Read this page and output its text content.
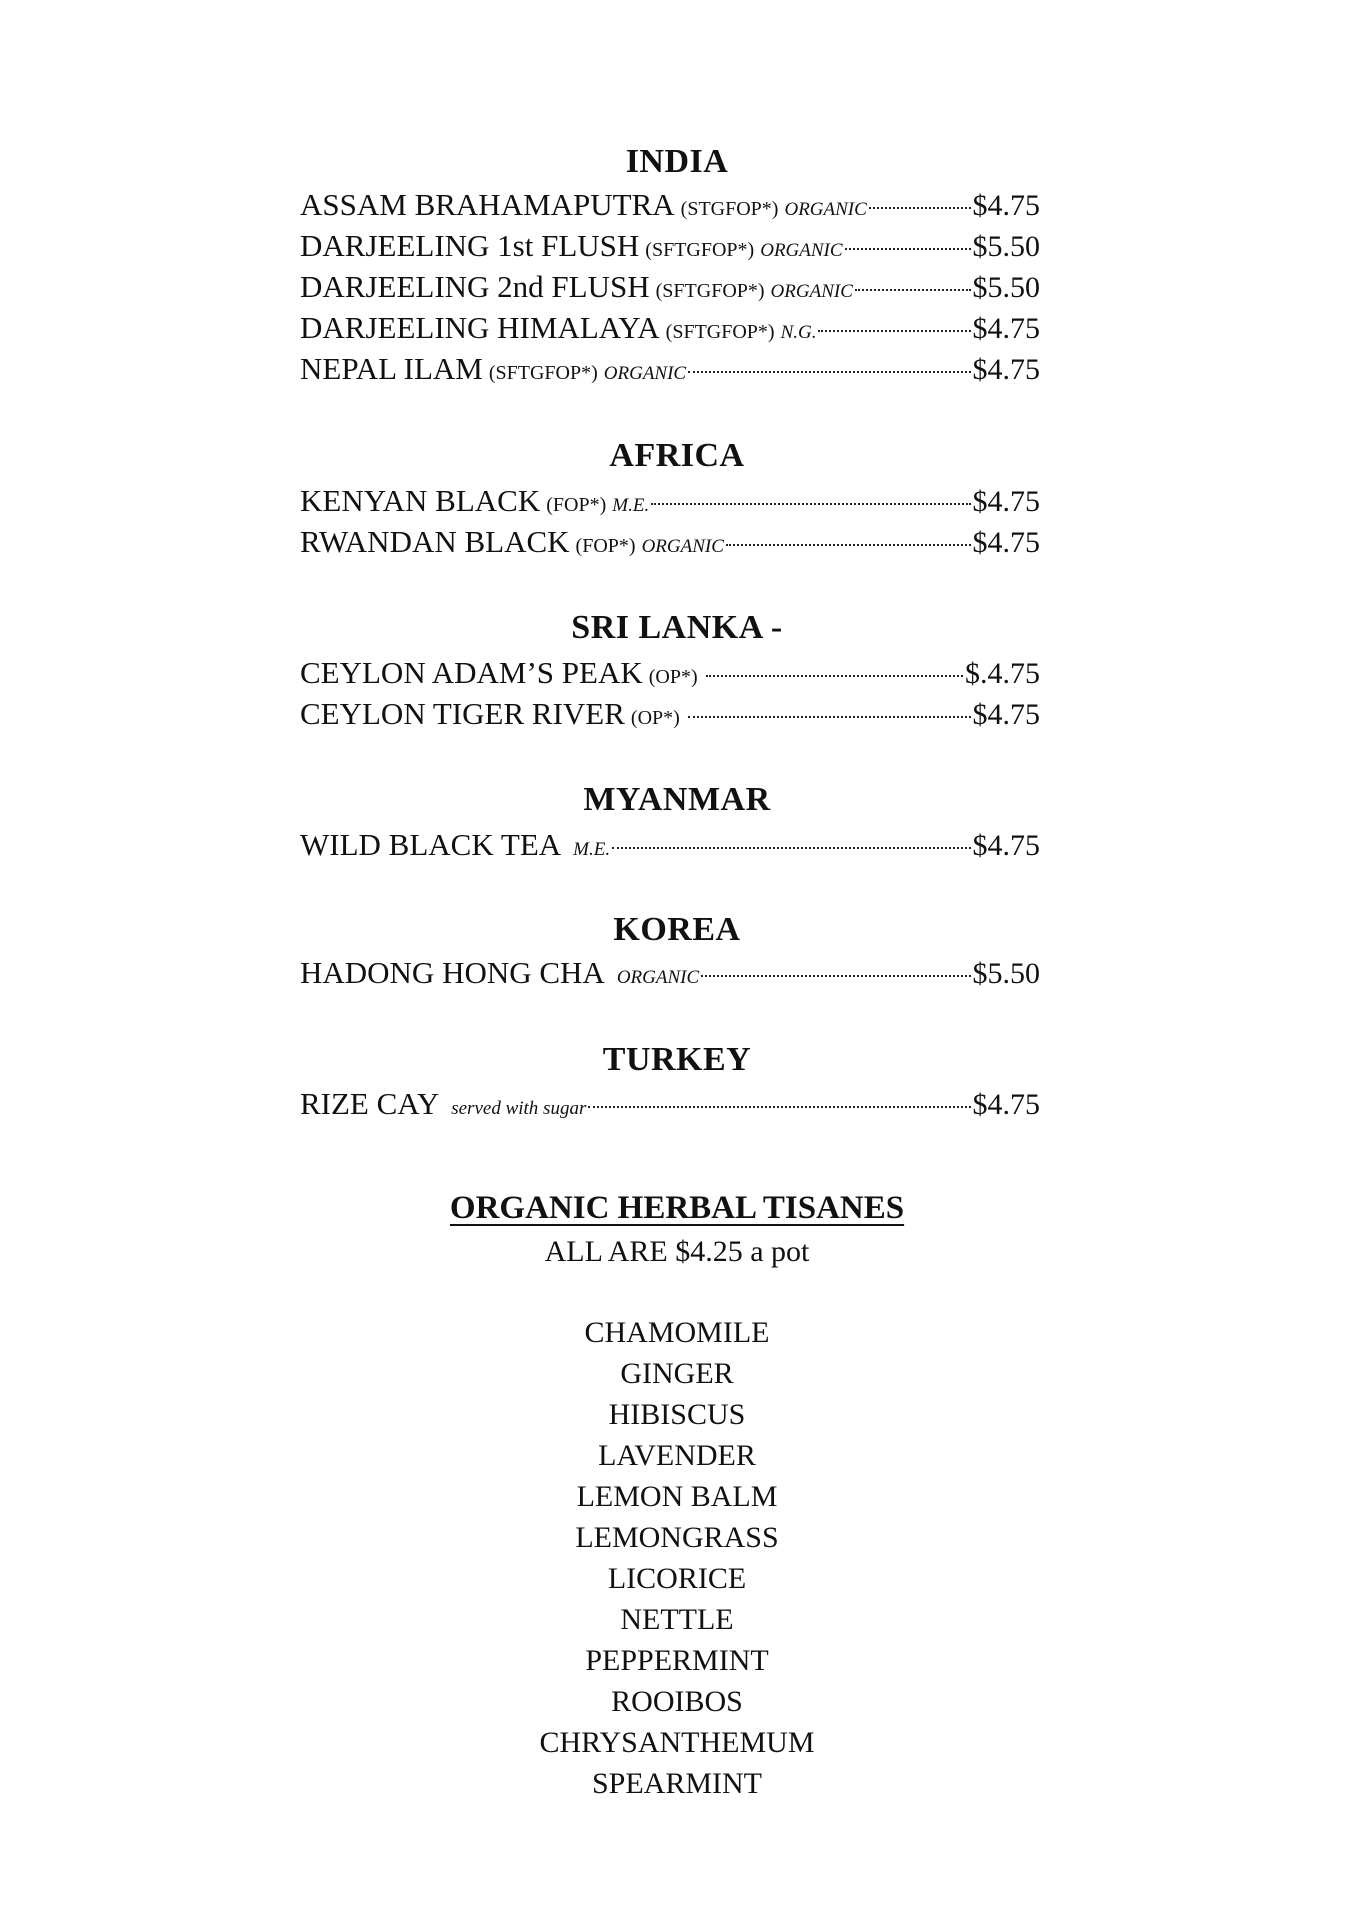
INDIA
ASSAM BRAHAMAPUTRA (STGFOP*) ORGANIC	$4.75
DARJEELING 1st FLUSH (SFTGFOP*) ORGANIC	$5.50
DARJEELING 2nd FLUSH (SFTGFOP*) ORGANIC	$5.50
DARJEELING HIMALAYA (SFTGFOP*) N.G.	$4.75
NEPAL ILAM (SFTGFOP*) ORGANIC	$4.75
AFRICA
KENYAN BLACK (FOP*) M.E.	$4.75
RWANDAN BLACK (FOP*) ORGANIC	$4.75
SRI LANKA -
CEYLON ADAM’S PEAK (OP*)	$.4.75
CEYLON TIGER RIVER (OP*)	$4.75
MYANMAR
WILD BLACK TEA M.E.	$4.75
KOREA
HADONG HONG CHA ORGANIC	$5.50
TURKEY
RIZE CAY served with sugar	$4.75
ORGANIC HERBAL TISANES
ALL ARE $4.25 a pot
CHAMOMILE
GINGER
HIBISCUS
LAVENDER
LEMON BALM
LEMONGRASS
LICORICE
NETTLE
PEPPERMINT
ROOIBOS
CHRYSANTHEMUM
SPEARMINT
